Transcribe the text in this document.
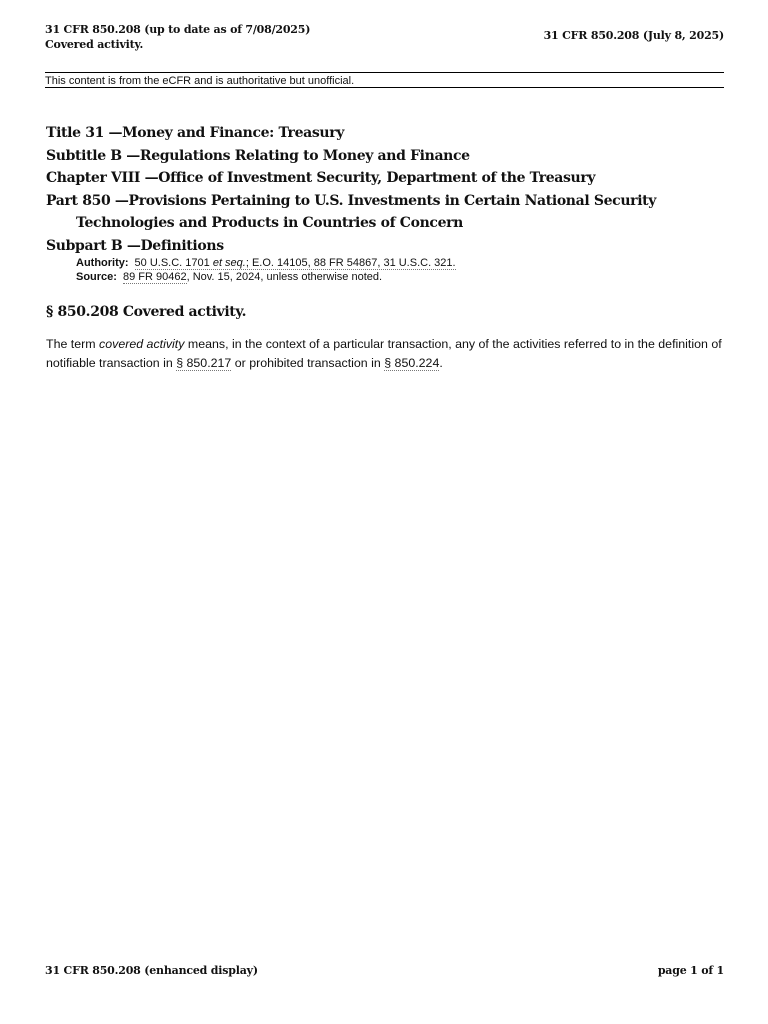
31 CFR 850.208 (up to date as of 7/08/2025)
Covered activity.
31 CFR 850.208 (July 8, 2025)
This content is from the eCFR and is authoritative but unofficial.
Title 31 —Money and Finance: Treasury
Subtitle B —Regulations Relating to Money and Finance
Chapter VIII —Office of Investment Security, Department of the Treasury
Part 850 —Provisions Pertaining to U.S. Investments in Certain National Security Technologies and Products in Countries of Concern
Subpart B —Definitions
Authority: 50 U.S.C. 1701 et seq.; E.O. 14105, 88 FR 54867, 31 U.S.C. 321.
Source: 89 FR 90462, Nov. 15, 2024, unless otherwise noted.
§ 850.208 Covered activity.
The term covered activity means, in the context of a particular transaction, any of the activities referred to in the definition of notifiable transaction in § 850.217 or prohibited transaction in § 850.224.
31 CFR 850.208 (enhanced display)	page 1 of 1
